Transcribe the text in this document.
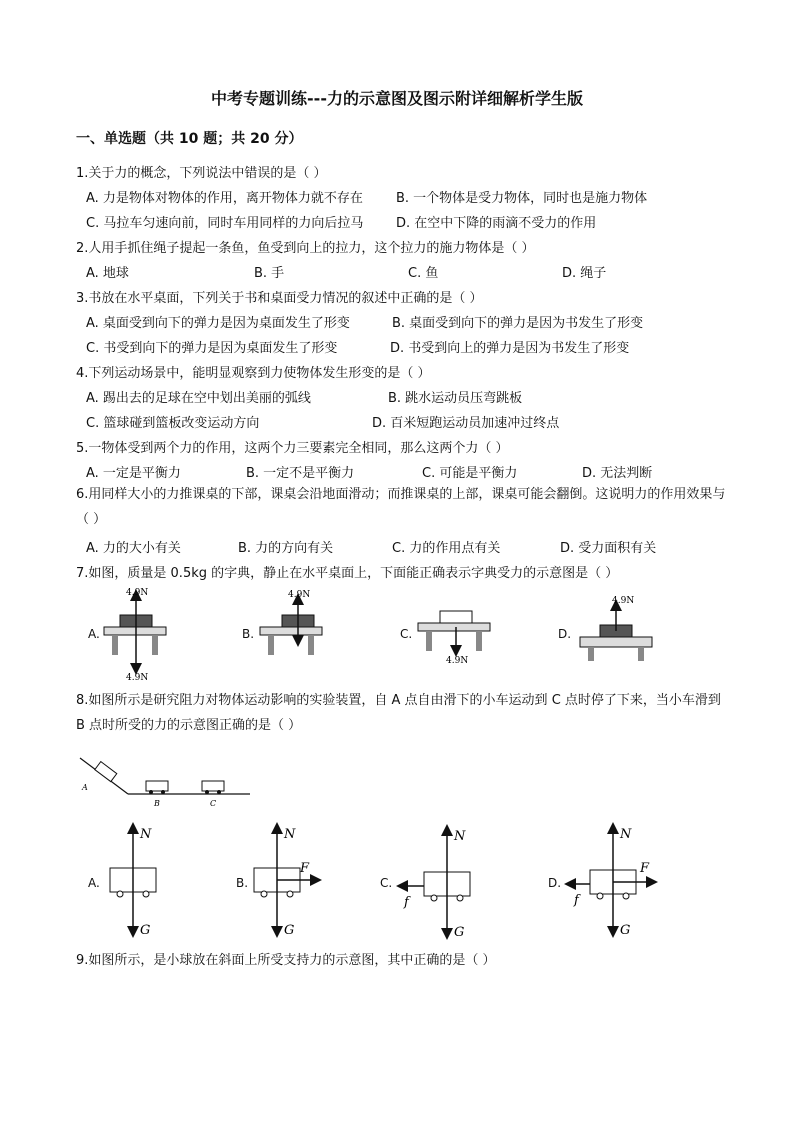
中考专题训练---力的示意图及图示附详细解析学生版
一、单选题（共 10 题；共 20 分）
1.关于力的概念，下列说法中错误的是（ ）
A. 力是物体对物体的作用，离开物体力就不存在	B. 一个物体是受力物体，同时也是施力物体
C. 马拉车匀速向前，同时车用同样的力向后拉马	D. 在空中下降的雨滴不受力的作用
2.人用手抓住绳子提起一条鱼，鱼受到向上的拉力，这个拉力的施力物体是（ ）
A. 地球	B. 手	C. 鱼	D. 绳子
3.书放在水平桌面，下列关于书和桌面受力情况的叙述中正确的是（ ）
A. 桌面受到向下的弹力是因为桌面发生了形变	B. 桌面受到向下的弹力是因为书发生了形变
C. 书受到向下的弹力是因为桌面发生了形变	D. 书受到向上的弹力是因为书发生了形变
4.下列运动场景中，能明显观察到力使物体发生形变的是（ ）
A. 踢出去的足球在空中划出美丽的弧线	B. 跳水运动员压弯跳板
C. 篮球碰到篮板改变运动方向	D. 百米短跑运动员加速冲过终点
5.一物体受到两个力的作用，这两个力三要素完全相同，那么这两个力（ ）
A. 一定是平衡力	B. 一定不是平衡力	C. 可能是平衡力	D. 无法判断
6.用同样大小的力推课桌的下部，课桌会沿地面滑动；而推课桌的上部，课桌可能会翻倒。这说明力的作用效果与（ ）
A. 力的大小有关	B. 力的方向有关	C. 力的作用点有关	D. 受力面积有关
7.如图，质量是 0.5kg 的字典，静止在水平桌面上，下面能正确表示字典受力的示意图是（ ）
A.	B.	C.	D.
4.9N
4.9N
4.9N
4.9N
4.9N
8.如图所示是研究阻力对物体运动影响的实验装置，自 A 点自由滑下的小车运动到 C 点时停了下来，当小车滑到 B 点时所受的力的示意图正确的是（ ）
A
B	C
A.	B.	C.	D.
N
G
N
F
G
N
f
G
N
F
f
G
9.如图所示，是小球放在斜面上所受支持力的示意图，其中正确的是（ ）
